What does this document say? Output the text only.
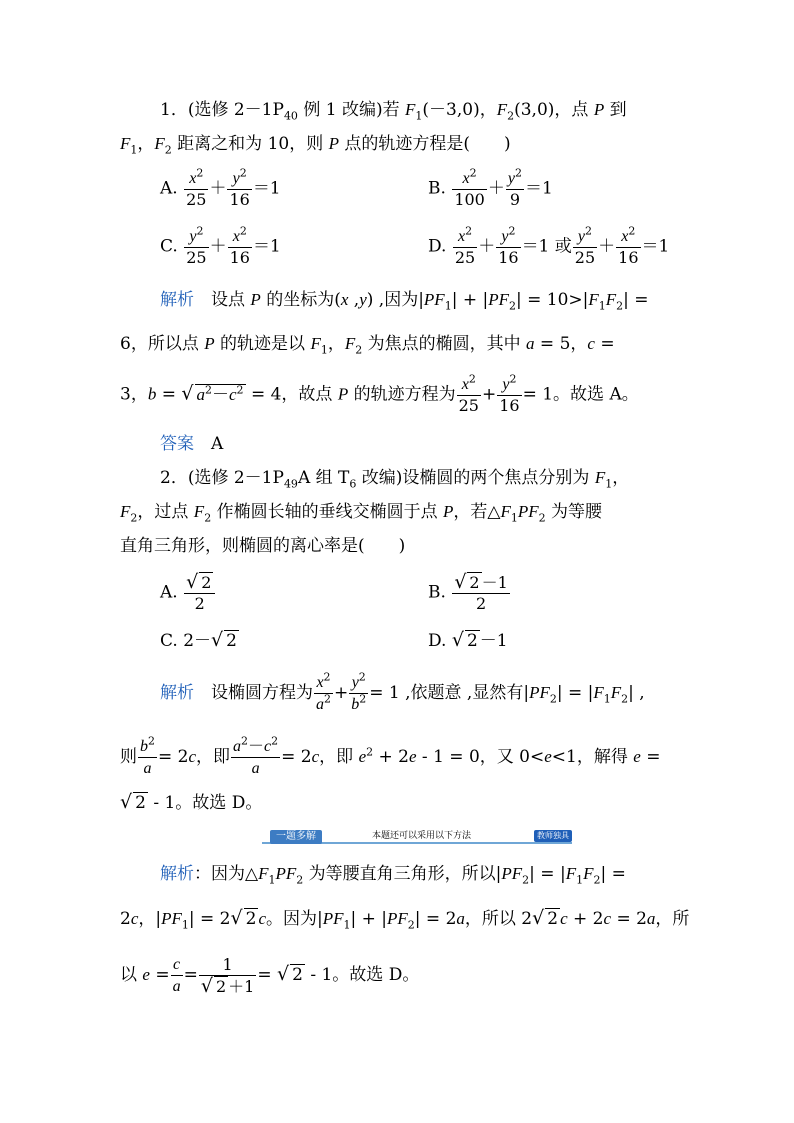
1．(选修 $2-1P_{40}$ 例 1 改编)若 $F_1(-3,0)$，$F_2(3,0)$，点 P 到
$F_1$，$F_2$ 距离之和为 10，则 P 点的轨迹方程是(　　)
A. $\frac{x^2}{25} + \frac{y^2}{16} =1$	B. $\frac{x^2}{100} + \frac{y^2}{9} =1$
C. $\frac{y^2}{25} + \frac{x^2}{16} =1$	D. $\frac{x^2}{25} + \frac{y^2}{16} =1$ 或 $\frac{y^2}{25} + \frac{x^2}{16} =1$
解析　设点 P 的坐标为(x ,y) ,因为$|PF_1| + |PF_2| = 10>|F_1F_2|$ =
6，所以点 P 的轨迹是以 $F_1$，$F_2$ 为焦点的椭圆，其中 a = 5，c =
3，b = √ $a^2-c^2 = 4$，故点 P 的轨迹方程为 $\frac{x^2}{25} + \frac{y^2}{16} = 1$。故选 A。
答案　 A
2．(选修 $2-1P_{49}A$ 组 $T_6$ 改编)设椭圆的两个焦点分别为 $F_1$，
$F_2$，过点 $F_2$ 作椭圆长轴的垂线交椭圆于点 P，若$\triangle F_1PF_2$ 为等腰
直角三角形，则椭圆的离心率是(　　)
A. $\frac{√ 2}{2}$	B. $\frac{√ 2 -1}{2}$
C. 2－√ 2	D. √ 2 －1
解析　设椭圆方程为 $\frac{x^2}{a^2} + \frac{y^2}{b^2} = 1$ ,依题意 ,显然有$|PF_2| = |F_1F_2|$ ,
则 $\frac{b^2}{a} = 2c$，即 $\frac{a^2-c^2}{a} = 2c$，即 $e^2 + 2e - 1 = 0$，又 0<e<1，解得 e =
√ 2 - 1。故选 D。
一题多解	本题还可以采用以下方法	教师独具
解析：因为$\triangle F_1PF_2$ 为等腰直角三角形，所以$|PF_2| = |F_1F_2|$ =
2c，$|PF_1| = 2√$ 2 c。因为$|PF_1| + |PF_2| = 2a$，所以 2√ 2 c + 2c = 2a，所
以 $e = \frac{c}{a} = \frac{1}{√ 2 +1}$ = √ 2 - 1。故选 D。
